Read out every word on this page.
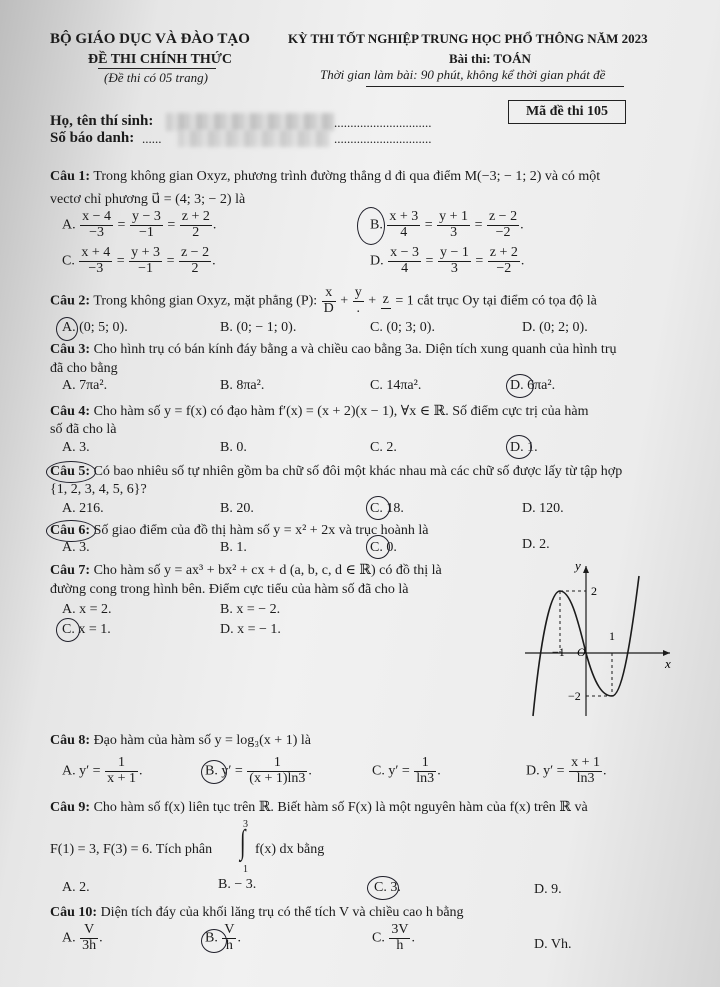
BỘ GIÁO DỤC VÀ ĐÀO TẠO
ĐỀ THI CHÍNH THỨC
(Đề thi có 05 trang)
KỲ THI TỐT NGHIỆP TRUNG HỌC PHỔ THÔNG NĂM 2023
Bài thi: TOÁN
Thời gian làm bài: 90 phút, không kể thời gian phát đề
Họ, tên thí sinh:	..............................
Số báo danh: ......	..............................
Mã đề thi 105
Câu 1: Trong không gian Oxyz, phương trình đường thẳng d đi qua điểm M(−3; − 1; 2) và có một
vectơ chỉ phương u⃗ = (4; 3; − 2) là
A. $\frac{x - 4}{-3} = \frac{y - 3}{-1} = \frac{z + 2}{2}$ .	B. $\frac{x + 3}{4} = \frac{y + 1}{3} = \frac{z - 2}{-2}$ .
C. $\frac{x + 4}{-3} = \frac{y + 3}{-1} = \frac{z - 2}{2}$ .	D. $\frac{x - 3}{4} = \frac{y - 1}{3} = \frac{z + 2}{-2}$ .
Câu 2: Trong không gian Oxyz, mặt phẳng (P): $\frac{x}{D} + \frac{y}{.} + z = 1$ cắt trục Oy tại điểm có tọa độ là
A. (0; 5; 0).	B. (0; − 1; 0).	C. (0; 3; 0).	D. (0; 2; 0).
Câu 3: Cho hình trụ có bán kính đáy bằng a và chiều cao bằng 3a. Diện tích xung quanh của hình trụ
đã cho bằng
A. 7πa².	B. 8πa².	C. 14πa².	D. 6πa².
Câu 4: Cho hàm số y = f(x) có đạo hàm f′(x) = (x + 2)(x − 1), ∀x ∈ ℝ. Số điểm cực trị của hàm
số đã cho là
A. 3.	B. 0.	C. 2.	D. 1.
Câu 5: Có bao nhiêu số tự nhiên gồm ba chữ số đôi một khác nhau mà các chữ số được lấy từ tập hợp
{1, 2, 3, 4, 5, 6}?
A. 216.	B. 20.	C. 18.	D. 120.
Câu 6: Số giao điểm của đồ thị hàm số y = x² + 2x và trục hoành là
A. 3.	B. 1.	C. 0.	D. 2.
Câu 7: Cho hàm số y = ax³ + bx² + cx + d (a, b, c, d ∈ ℝ) có đồ thị là
đường cong trong hình bên. Điểm cực tiểu của hàm số đã cho là
A. x = 2.	B. x = − 2.
C. x = 1.	D. x = − 1.
y
x
O
−1
1
2
−2
Câu 8: Đạo hàm của hàm số y = log₃(x + 1) là
A. $y' = \frac{1}{x + 1}$ .	B. $y' = \frac{1}{(x + 1)\ln 3}$ .	C. $y' = \frac{1}{\ln 3}$ .	D. $y' = \frac{x + 1}{\ln 3}$ .
Câu 9: Cho hàm số f(x) liên tục trên ℝ. Biết hàm số F(x) là một nguyên hàm của f(x) trên ℝ và
F(1) = 3, F(3) = 6. Tích phân
3
∫
1
f(x) dx bằng
A. 2.	B. − 3.	C. 3.	D. 9.
Câu 10: Diện tích đáy của khối lăng trụ có thể tích V và chiều cao h bằng
A. $\frac{V}{3h}$ .	B. $\frac{V}{h}$ .	C. $\frac{3V}{h}$ .	D. Vh.
